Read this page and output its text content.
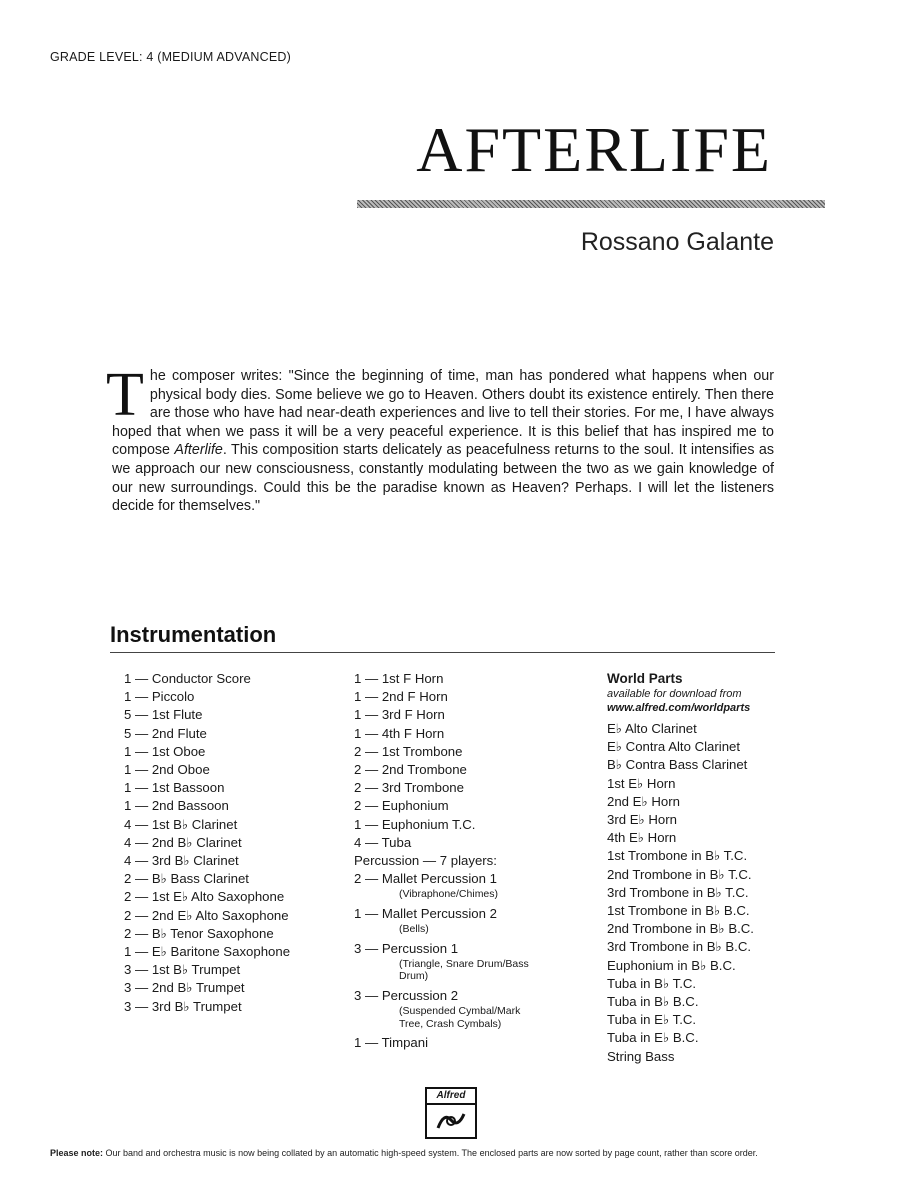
GRADE LEVEL: 4 (MEDIUM ADVANCED)
AFTERLIFE
Rossano Galante
The composer writes: "Since the beginning of time, man has pondered what happens when our physical body dies. Some believe we go to Heaven. Others doubt its existence entirely. Then there are those who have had near-death experiences and live to tell their stories. For me, I have always hoped that when we pass it will be a very peaceful experience. It is this belief that has inspired me to compose Afterlife. This composition starts delicately as peacefulness returns to the soul. It intensifies as we approach our new consciousness, constantly modulating between the two as we gain knowledge of our new surroundings. Could this be the paradise known as Heaven? Perhaps. I will let the listeners decide for themselves."
Instrumentation
1 — Conductor Score
1 — Piccolo
5 — 1st Flute
5 — 2nd Flute
1 — 1st Oboe
1 — 2nd Oboe
1 — 1st Bassoon
1 — 2nd Bassoon
4 — 1st B♭ Clarinet
4 — 2nd B♭ Clarinet
4 — 3rd B♭ Clarinet
2 — B♭ Bass Clarinet
2 — 1st E♭ Alto Saxophone
2 — 2nd E♭ Alto Saxophone
2 — B♭ Tenor Saxophone
1 — E♭ Baritone Saxophone
3 — 1st B♭ Trumpet
3 — 2nd B♭ Trumpet
3 — 3rd B♭ Trumpet
1 — 1st F Horn
1 — 2nd F Horn
1 — 3rd F Horn
1 — 4th F Horn
2 — 1st Trombone
2 — 2nd Trombone
2 — 3rd Trombone
2 — Euphonium
1 — Euphonium T.C.
4 — Tuba
Percussion — 7 players:
2 — Mallet Percussion 1
(Vibraphone/Chimes)
1 — Mallet Percussion 2
(Bells)
3 — Percussion 1
(Triangle, Snare Drum/Bass Drum)
3 — Percussion 2
(Suspended Cymbal/Mark Tree, Crash Cymbals)
1 — Timpani
World Parts
available for download from
www.alfred.com/worldparts
E♭ Alto Clarinet
E♭ Contra Alto Clarinet
B♭ Contra Bass Clarinet
1st E♭ Horn
2nd E♭ Horn
3rd E♭ Horn
4th E♭ Horn
1st Trombone in B♭ T.C.
2nd Trombone in B♭ T.C.
3rd Trombone in B♭ T.C.
1st Trombone in B♭ B.C.
2nd Trombone in B♭ B.C.
3rd Trombone in B♭ B.C.
Euphonium in B♭ B.C.
Tuba in B♭ T.C.
Tuba in B♭ B.C.
Tuba in E♭ T.C.
Tuba in E♭ B.C.
String Bass
Alfred
Please note: Our band and orchestra music is now being collated by an automatic high-speed system. The enclosed parts are now sorted by page count, rather than score order.
